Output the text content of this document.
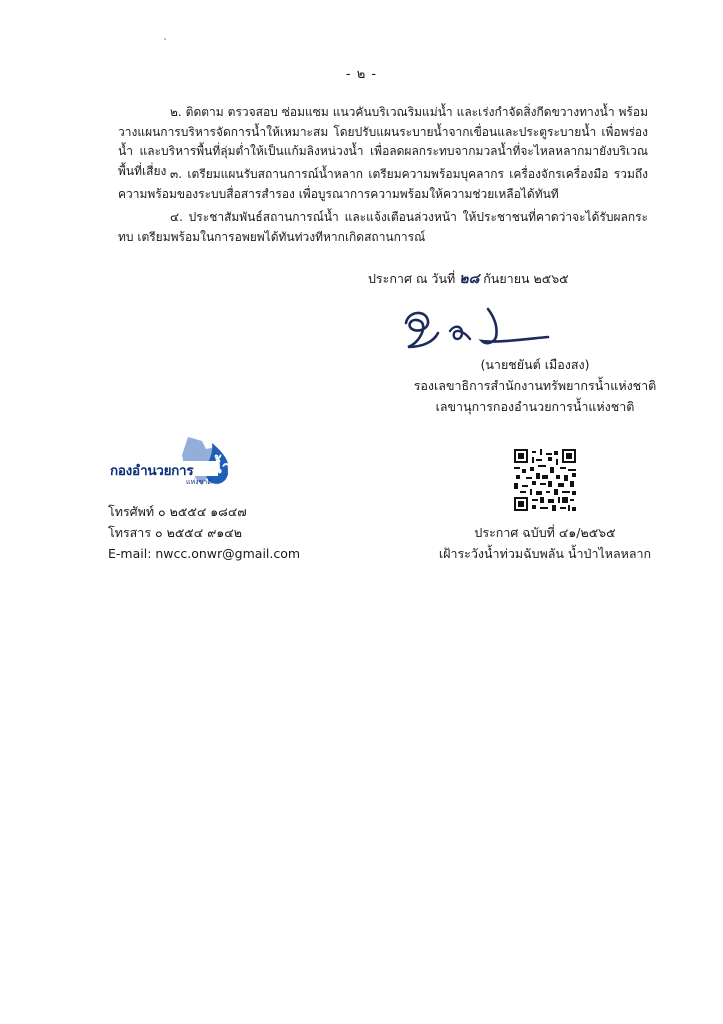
`
- ๒ -
๒. ติดตาม ตรวจสอบ ซ่อมแซม แนวคันบริเวณริมแม่น้ำ และเร่งกำจัดสิ่งกีดขวางทางน้ำ พร้อมวางแผนการบริหารจัดการน้ำให้เหมาะสม โดยปรับแผนระบายน้ำจากเขื่อนและประตูระบายน้ำ เพื่อพร่องน้ำ และบริหารพื้นที่ลุ่มต่ำให้เป็นแก้มลิงหน่วงน้ำ เพื่อลดผลกระทบจากมวลน้ำที่จะไหลหลากมายังบริเวณพื้นที่เสี่ยง ๓. เตรียมแผนรับสถานการณ์น้ำหลาก เตรียมความพร้อมบุคลากร เครื่องจักรเครื่องมือ รวมถึงความพร้อมของระบบสื่อสารสำรอง เพื่อบูรณาการความพร้อมให้ความช่วยเหลือได้ทันที
๔. ประชาสัมพันธ์สถานการณ์น้ำ และแจ้งเตือนล่วงหน้า ให้ประชาชนที่คาดว่าจะได้รับผลกระทบ เตรียมพร้อมในการอพยพได้ทันท่วงทีหากเกิดสถานการณ์
ประกาศ ณ วันที่ ๒๘ กันยายน ๒๕๖๕
(นายชยันต์ เมืองสง)
รองเลขาธิการสำนักงานทรัพยากรน้ำแห่งชาติ
เลขานุการกองอำนวยการน้ำแห่งชาติ
กองอำนวยการ น้ำ
แห่งชาติ
โทรศัพท์ ๐ ๒๕๕๔ ๑๘๔๗
โทรสาร ๐ ๒๕๕๔ ๙๑๔๒
E-mail: nwcc.onwr@gmail.com
ประกาศ ฉบับที่ ๔๑/๒๕๖๕
เฝ้าระวังน้ำท่วมฉับพลัน น้ำป่าไหลหลาก
